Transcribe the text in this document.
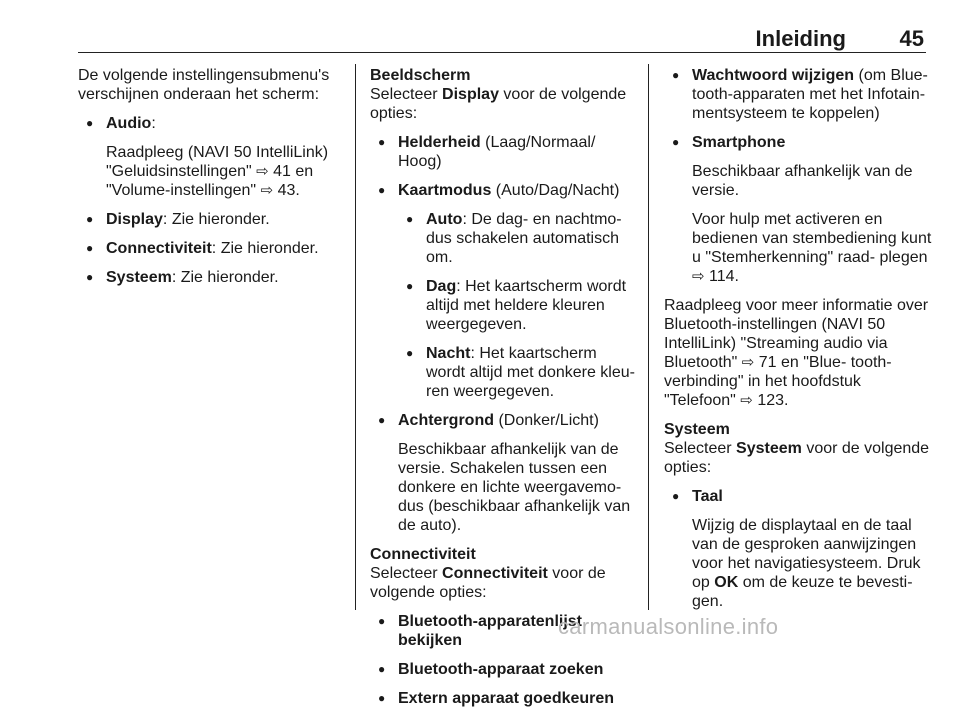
Inleiding 45

De volgende instellingensubmenu's verschijnen onderaan het scherm:

● Audio:
Raadpleeg (NAVI 50 IntelliLink) "Geluidsinstellingen" ⇨ 41 en "Volume-instellingen" ⇨ 43.
● Display: Zie hieronder.
● Connectiviteit: Zie hieronder.
● Systeem: Zie hieronder.
Beeldscherm

Selecteer Display voor de volgende opties:

● Helderheid (Laag/Normaal/ Hoog)
● Kaartmodus (Auto/Dag/Nacht)
● Auto: De dag- en nachtmo- dus schakelen automatisch om.
● Dag: Het kaartscherm wordt altijd met heldere kleuren weergegeven.
● Nacht: Het kaartscherm wordt altijd met donkere kleu- ren weergegeven.
● Achtergrond (Donker/Licht)
Beschikbaar afhankelijk van de versie. Schakelen tussen een donkere en lichte weergavemo- dus (beschikbaar afhankelijk van de auto).
Connectiviteit

Selecteer Connectiviteit voor de volgende opties:

● Bluetooth-apparatenlijst bekijken
● Bluetooth-apparaat zoeken
● Extern apparaat goedkeuren
● Wachtwoord wijzigen (om Blue- tooth-apparaten met het Infotain- mentsysteem te koppelen)
● Smartphone
Beschikbaar afhankelijk van de versie.
Voor hulp met activeren en bedienen van stembediening kunt u "Stemherkenning" raad- plegen ⇨ 114.

Raadpleeg voor meer informatie over Bluetooth-instellingen (NAVI 50 IntelliLink) "Streaming audio via Bluetooth" ⇨ 71 en "Blue- tooth-verbinding" in het hoofdstuk "Telefoon" ⇨ 123.

Systeem

Selecteer Systeem voor de volgende opties:

● Taal
Wijzig de displaytaal en de taal van de gesproken aanwijzingen voor het navigatiesysteem. Druk op OK om de keuze te bevesti- gen.
carmanualsonline.info
